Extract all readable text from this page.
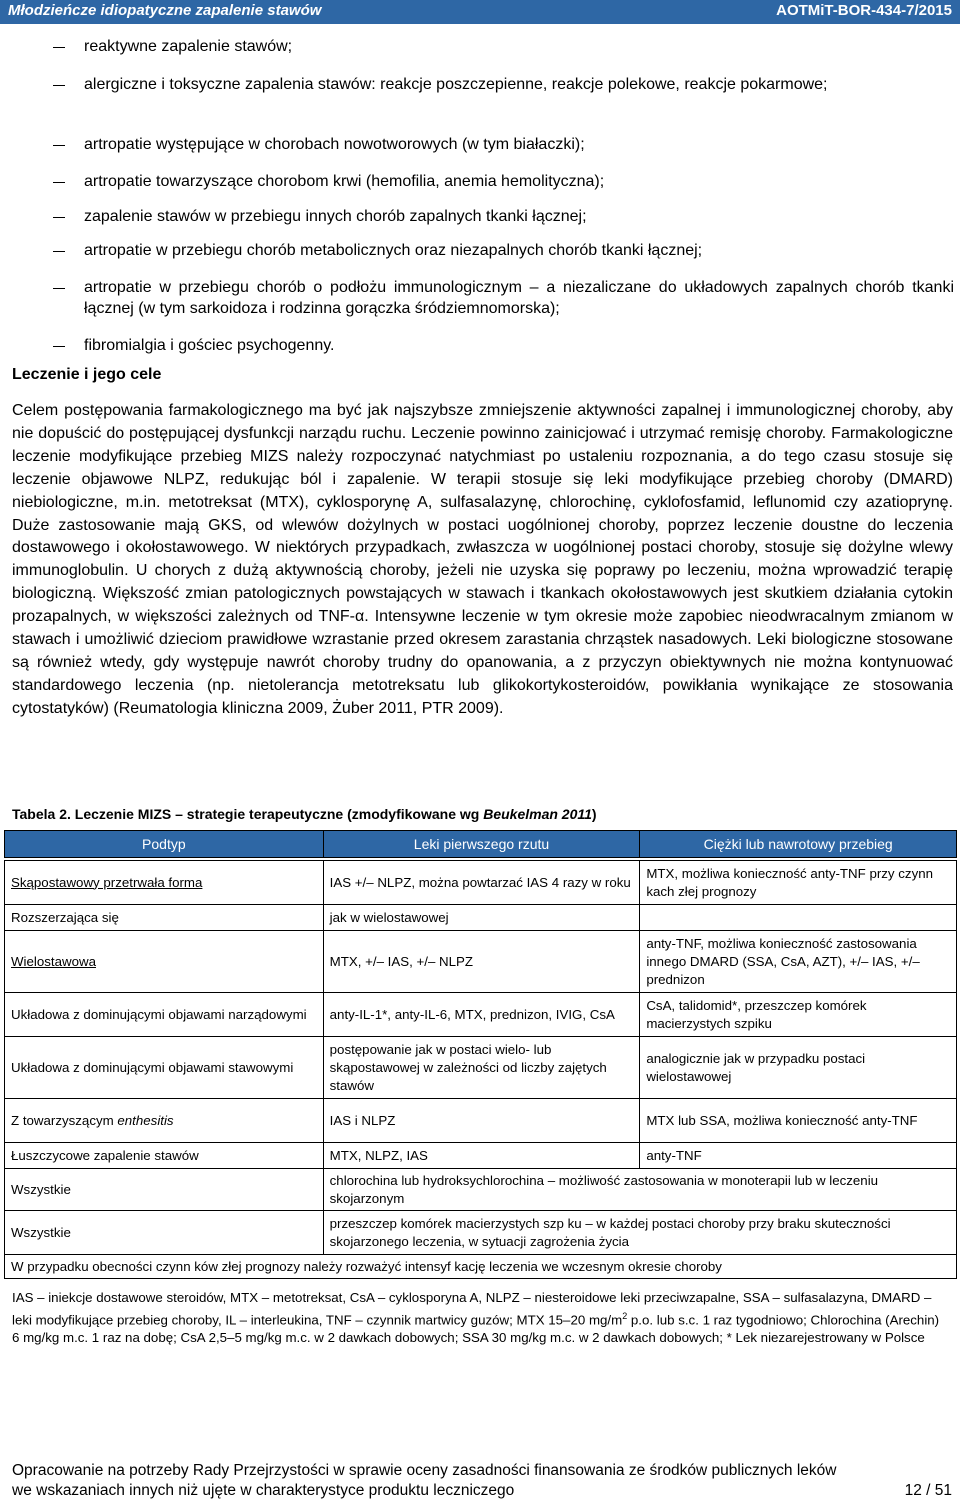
Młodzieńcze idiopatyczne zapalenie stawów	AOTMiT-BOR-434-7/2015
reaktywne zapalenie stawów;
alergiczne i toksyczne zapalenia stawów: reakcje poszczepienne, reakcje polekowe, reakcje pokarmowe;
artropatie występujące w chorobach nowotworowych (w tym białaczki);
artropatie towarzyszące chorobom krwi (hemofilia, anemia hemolityczna);
zapalenie stawów w przebiegu innych chorób zapalnych tkanki łącznej;
artropatie w przebiegu chorób metabolicznych oraz niezapalnych chorób tkanki łącznej;
artropatie w przebiegu chorób o podłożu immunologicznym – a niezaliczane do układowych zapalnych chorób tkanki łącznej (w tym sarkoidoza i rodzinna gorączka śródziemnomorska);
fibromialgia i gościec psychogenny.
Leczenie i jego cele

Celem postępowania farmakologicznego ma być jak najszybsze zmniejszenie aktywności zapalnej i immunologicznej choroby, aby nie dopuścić do postępującej dysfunkcji narządu ruchu. Leczenie powinno zainicjować i utrzymać remisję choroby. Farmakologiczne leczenie modyfikujące przebieg MIZS należy rozpoczynać natychmiast po ustaleniu rozpoznania, a do tego czasu stosuje się leczenie objawowe NLPZ, redukując ból i zapalenie. W terapii stosuje się leki modyfikujące przebieg choroby (DMARD) niebiologiczne, m.in. metotreksat (MTX), cyklosporynę A, sulfasalazynę, chlorochinę, cyklofosfamid, leflunomid czy azatioprynę. Duże zastosowanie mają GKS, od wlewów dożylnych w postaci uogólnionej choroby, poprzez leczenie doustne do leczenia dostawowego i okołostawowego. W niektórych przypadkach, zwłaszcza w uogólnionej postaci choroby, stosuje się dożylne wlewy immunoglobulin. U chorych z dużą aktywnością choroby, jeżeli nie uzyska się poprawy po leczeniu, można wprowadzić terapię biologiczną. Większość zmian patologicznych powstających w stawach i tkankach okołostawowych jest skutkiem działania cytokin prozapalnych, w większości zależnych od TNF-α. Intensywne leczenie w tym okresie może zapobiec nieodwracalnym zmianom w stawach i umożliwić dzieciom prawidłowe wzrastanie przed okresem zarastania chrząstek nasadowych. Leki biologiczne stosowane są również wtedy, gdy występuje nawrót choroby trudny do opanowania, a z przyczyn obiektywnych nie można kontynuować standardowego leczenia (np. nietolerancja metotreksatu lub glikokortykosteroidów, powikłania wynikające ze stosowania cytostatyków) (Reumatologia kliniczna 2009, Żuber 2011, PTR 2009).

Tabela 2. Leczenie MIZS – strategie terapeutyczne (zmodyfikowane wg Beukelman 2011)
Podtyp	Leki pierwszego rzutu	Ciężki lub nawrotowy przebieg

Skąpostawowy przetrwała forma	IAS +/– NLPZ, można powtarzać IAS 4 razy w roku	MTX, możliwa konieczność anty-TNF przy czynn kach złej prognozy
Rozszerzająca się	jak w wielostawowej	
Wielostawowa	MTX, +/– IAS, +/– NLPZ	anty-TNF, możliwa konieczność zastosowania innego DMARD (SSA, CsA, AZT), +/– IAS, +/– prednizon
Układowa z dominującymi objawami narządowymi	anty-IL-1*, anty-IL-6, MTX, prednizon, IVIG, CsA	CsA, talidomid*, przeszczep komórek macierzystych szpiku
Układowa z dominującymi objawami stawowymi	postępowanie jak w postaci wielo- lub skąpostawowej w zależności od liczby zajętych stawów	analogicznie jak w przypadku postaci wielostawowej
Z towarzyszącym enthesitis	IAS i NLPZ	MTX lub SSA, możliwa konieczność anty-TNF
Łuszczycowe zapalenie stawów	MTX, NLPZ, IAS	anty-TNF
Wszystkie	chlorochina lub hydroksychlorochina – możliwość zastosowania w monoterapii lub w leczeniu skojarzonym	
Wszystkie	przeszczep komórek macierzystych szp ku – w każdej postaci choroby przy braku skuteczności skojarzonego leczenia, w sytuacji zagrożenia życia	
W przypadku obecności czynn ków złej prognozy należy rozważyć intensyf kację leczenia we wczesnym okresie choroby		
IAS – iniekcje dostawowe steroidów, MTX – metotreksat, CsA – cyklosporyna A, NLPZ – niesteroidowe leki przeciwzapalne, SSA – sulfasalazyna, DMARD – leki modyfikujące przebieg choroby, IL – interleukina, TNF – czynnik martwicy guzów; MTX 15–20 $mg/m^2$ p.o. lub s.c. 1 raz tygodniowo; Chlorochina (Arechin) 6 mg/kg m.c. 1 raz na dobę; CsA 2,5–5 mg/kg m.c. w 2 dawkach dobowych; SSA 30 mg/kg m.c. w 2 dawkach dobowych; * Lek niezarejestrowany w Polsce
Opracowanie na potrzeby Rady Przejrzystości w sprawie oceny zasadności finansowania ze środków publicznych leków
we wskazaniach innych niż ujęte w charakterystyce produktu leczniczego	12 / 51
